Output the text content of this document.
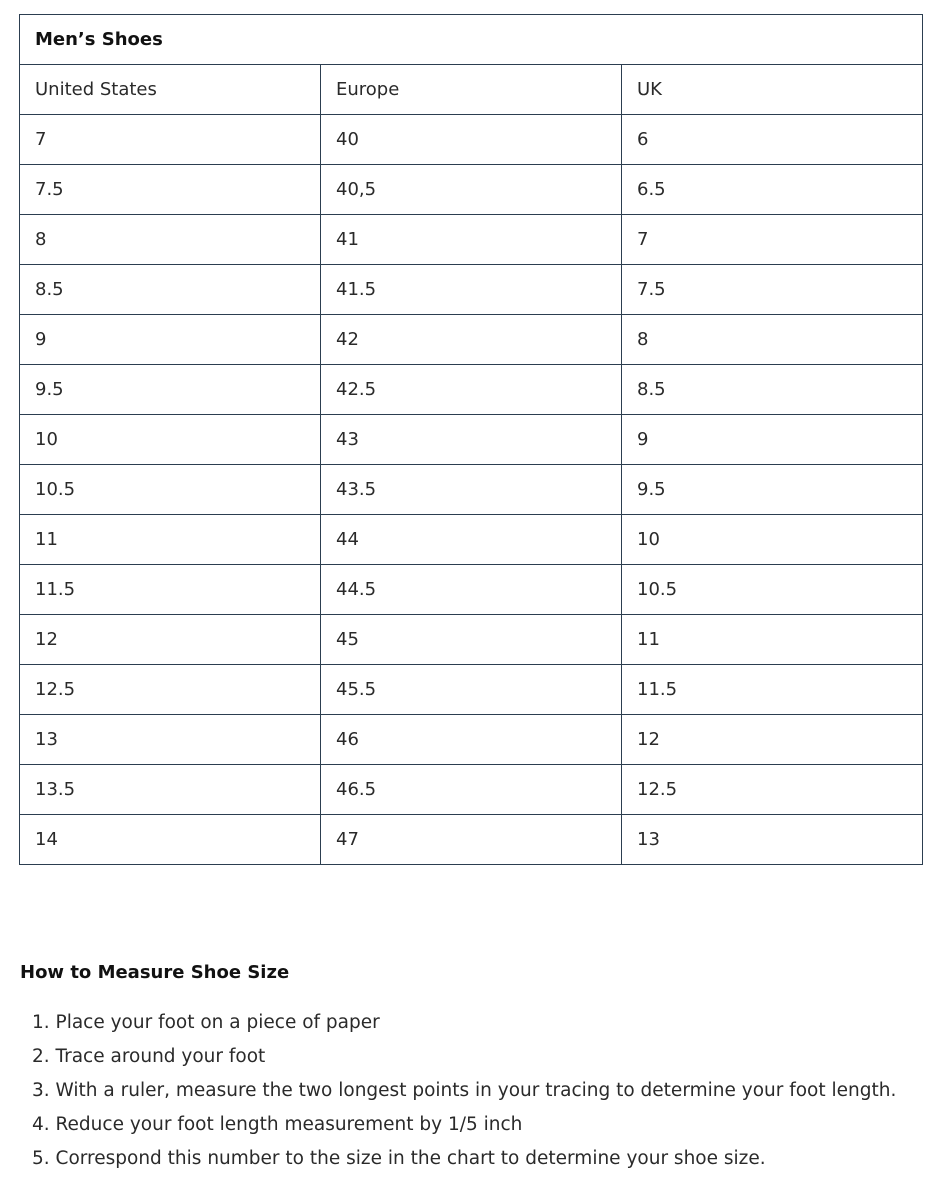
Men’s Shoes		
United States	Europe	UK
7	40	6
7.5	40,5	6.5
8	41	7
8.5	41.5	7.5
9	42	8
9.5	42.5	8.5
10	43	9
10.5	43.5	9.5
11	44	10
11.5	44.5	10.5
12	45	11
12.5	45.5	11.5
13	46	12
13.5	46.5	12.5
14	47	13
How to Measure Shoe Size
1. Place your foot on a piece of paper
2. Trace around your foot
3. With a ruler, measure the two longest points in your tracing to determine your foot length.
4. Reduce your foot length measurement by 1/5 inch
5. Correspond this number to the size in the chart to determine your shoe size.
